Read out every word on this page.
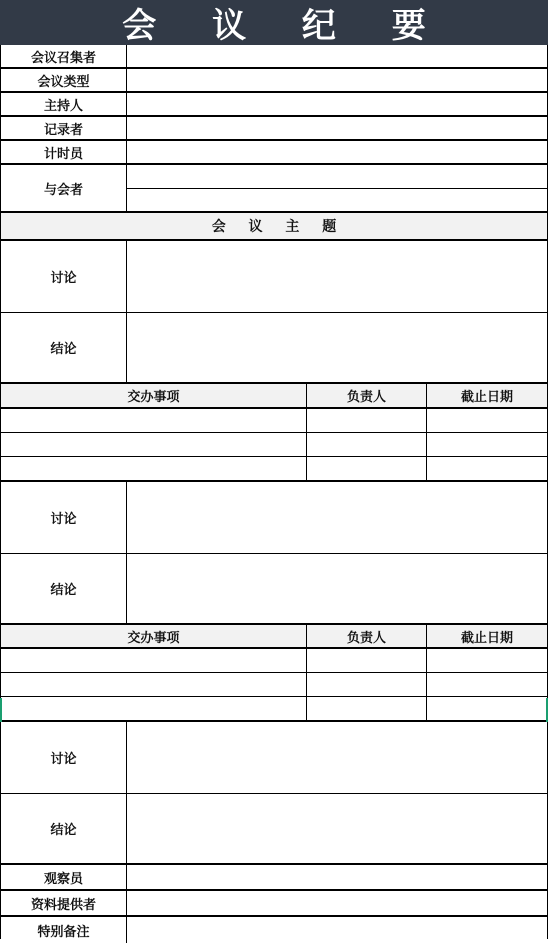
会 议 纪 要
会议召集者
会议类型
主持人
记录者
计时员
与会者
会 议 主 题
讨论
结论
交办事项	负责人	截止日期
讨论
结论
交办事项	负责人	截止日期
讨论
结论
观察员
资料提供者
特别备注
